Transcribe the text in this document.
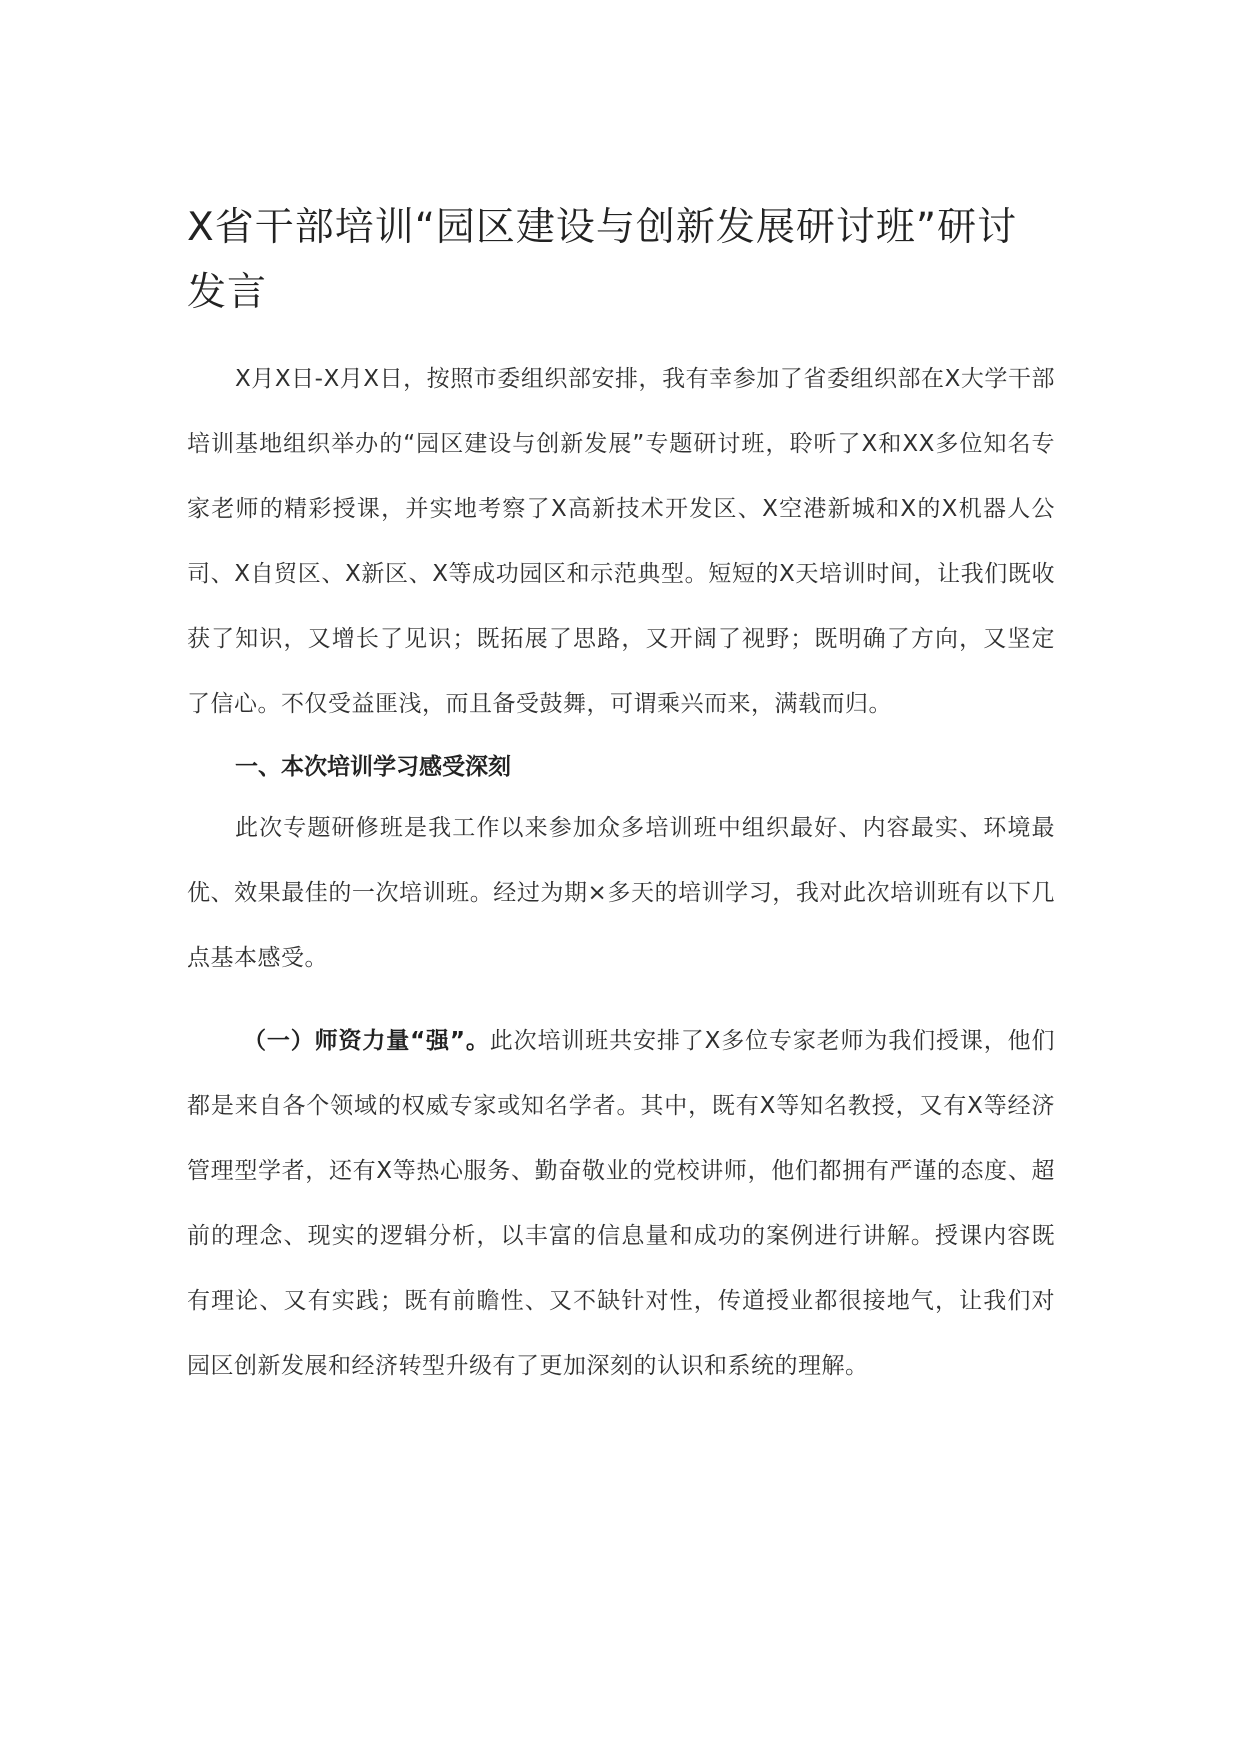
X省干部培训“园区建设与创新发展研讨班”研讨发言

X月X日-X月X日，按照市委组织部安排，我有幸参加了省委组织部在X大学干部培训基地组织举办的“园区建设与创新发展”专题研讨班，聆听了X和XX多位知名专家老师的精彩授课，并实地考察了X高新技术开发区、X空港新城和X的X机器人公司、X自贸区、X新区、X等成功园区和示范典型。短短的X天培训时间，让我们既收获了知识，又增长了见识；既拓展了思路，又开阔了视野；既明确了方向，又坚定了信心。不仅受益匪浅，而且备受鼓舞，可谓乘兴而来，满载而归。

一、本次培训学习感受深刻

此次专题研修班是我工作以来参加众多培训班中组织最好、内容最实、环境最优、效果最佳的一次培训班。经过为期×多天的培训学习，我对此次培训班有以下几点基本感受。

（一）师资力量“强”。此次培训班共安排了X多位专家老师为我们授课，他们都是来自各个领域的权威专家或知名学者。其中，既有X等知名教授，又有X等经济管理型学者，还有X等热心服务、勤奋敬业的党校讲师，他们都拥有严谨的态度、超前的理念、现实的逻辑分析，以丰富的信息量和成功的案例进行讲解。授课内容既有理论、又有实践；既有前瞻性、又不缺针对性，传道授业都很接地气，让我们对园区创新发展和经济转型升级有了更加深刻的认识和系统的理解。
